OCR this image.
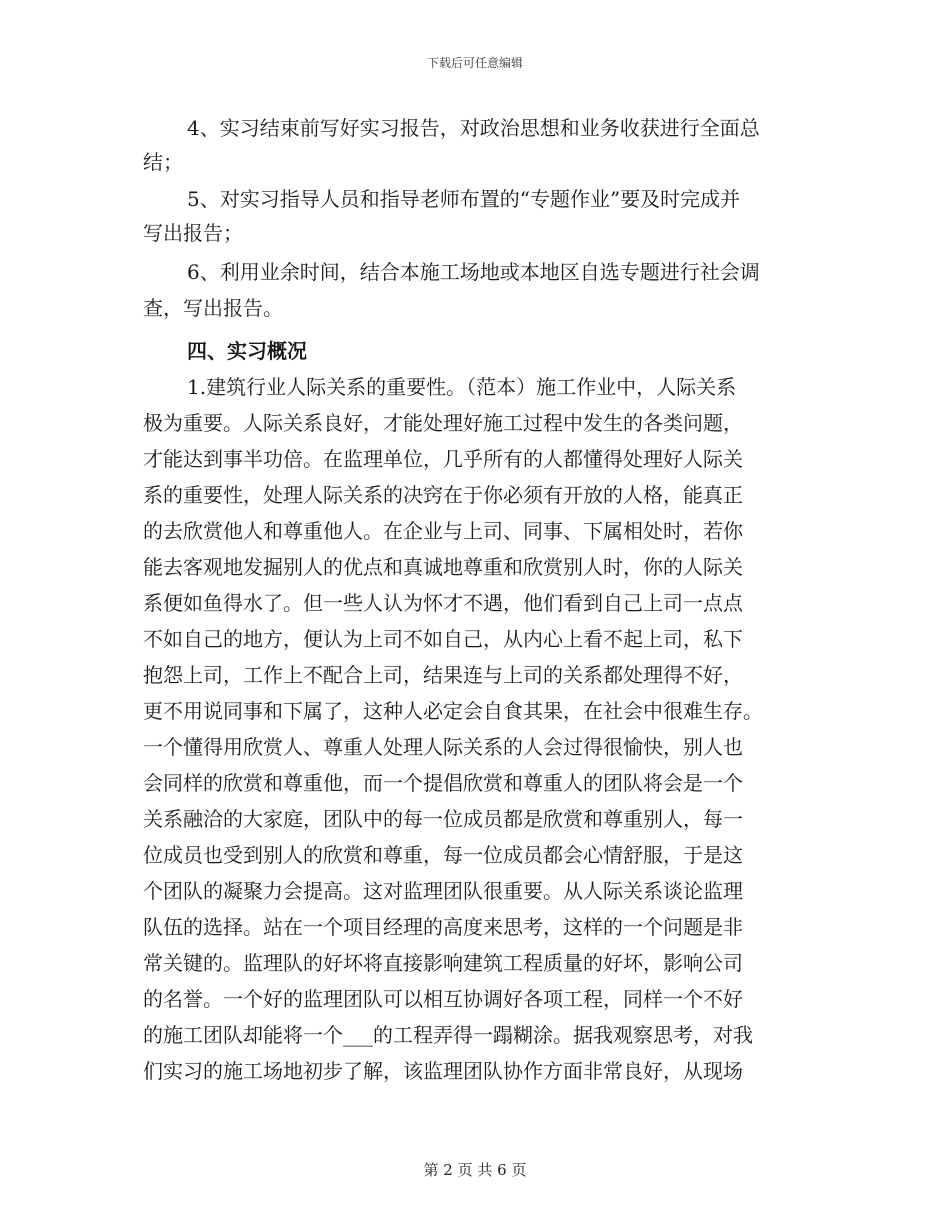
下载后可任意编辑
4、实习结束前写好实习报告，对政治思想和业务收获进行全面总
结；
5、对实习指导人员和指导老师布置的“专题作业”要及时完成并
写出报告；
6、利用业余时间，结合本施工场地或本地区自选专题进行社会调
查，写出报告。
四、实习概况
1.建筑行业人际关系的重要性。（范本）施工作业中，人际关系
极为重要。人际关系良好，才能处理好施工过程中发生的各类问题，
才能达到事半功倍。在监理单位，几乎所有的人都懂得处理好人际关
系的重要性，处理人际关系的决窍在于你必须有开放的人格，能真正
的去欣赏他人和尊重他人。在企业与上司、同事、下属相处时，若你
能去客观地发掘别人的优点和真诚地尊重和欣赏别人时，你的人际关
系便如鱼得水了。但一些人认为怀才不遇，他们看到自己上司一点点
不如自己的地方，便认为上司不如自己，从内心上看不起上司，私下
抱怨上司，工作上不配合上司，结果连与上司的关系都处理得不好，
更不用说同事和下属了，这种人必定会自食其果，在社会中很难生存。
一个懂得用欣赏人、尊重人处理人际关系的人会过得很愉快，别人也
会同样的欣赏和尊重他，而一个提倡欣赏和尊重人的团队将会是一个
关系融洽的大家庭，团队中的每一位成员都是欣赏和尊重别人，每一
位成员也受到别人的欣赏和尊重，每一位成员都会心情舒服，于是这
个团队的凝聚力会提高。这对监理团队很重要。从人际关系谈论监理
队伍的选择。站在一个项目经理的高度来思考，这样的一个问题是非
常关键的。监理队的好坏将直接影响建筑工程质量的好坏，影响公司
的名誉。一个好的监理团队可以相互协调好各项工程，同样一个不好
的施工团队却能将一个___的工程弄得一蹋糊涂。据我观察思考，对我
们实习的施工场地初步了解，该监理团队协作方面非常良好，从现场
第 2 页 共 6 页
